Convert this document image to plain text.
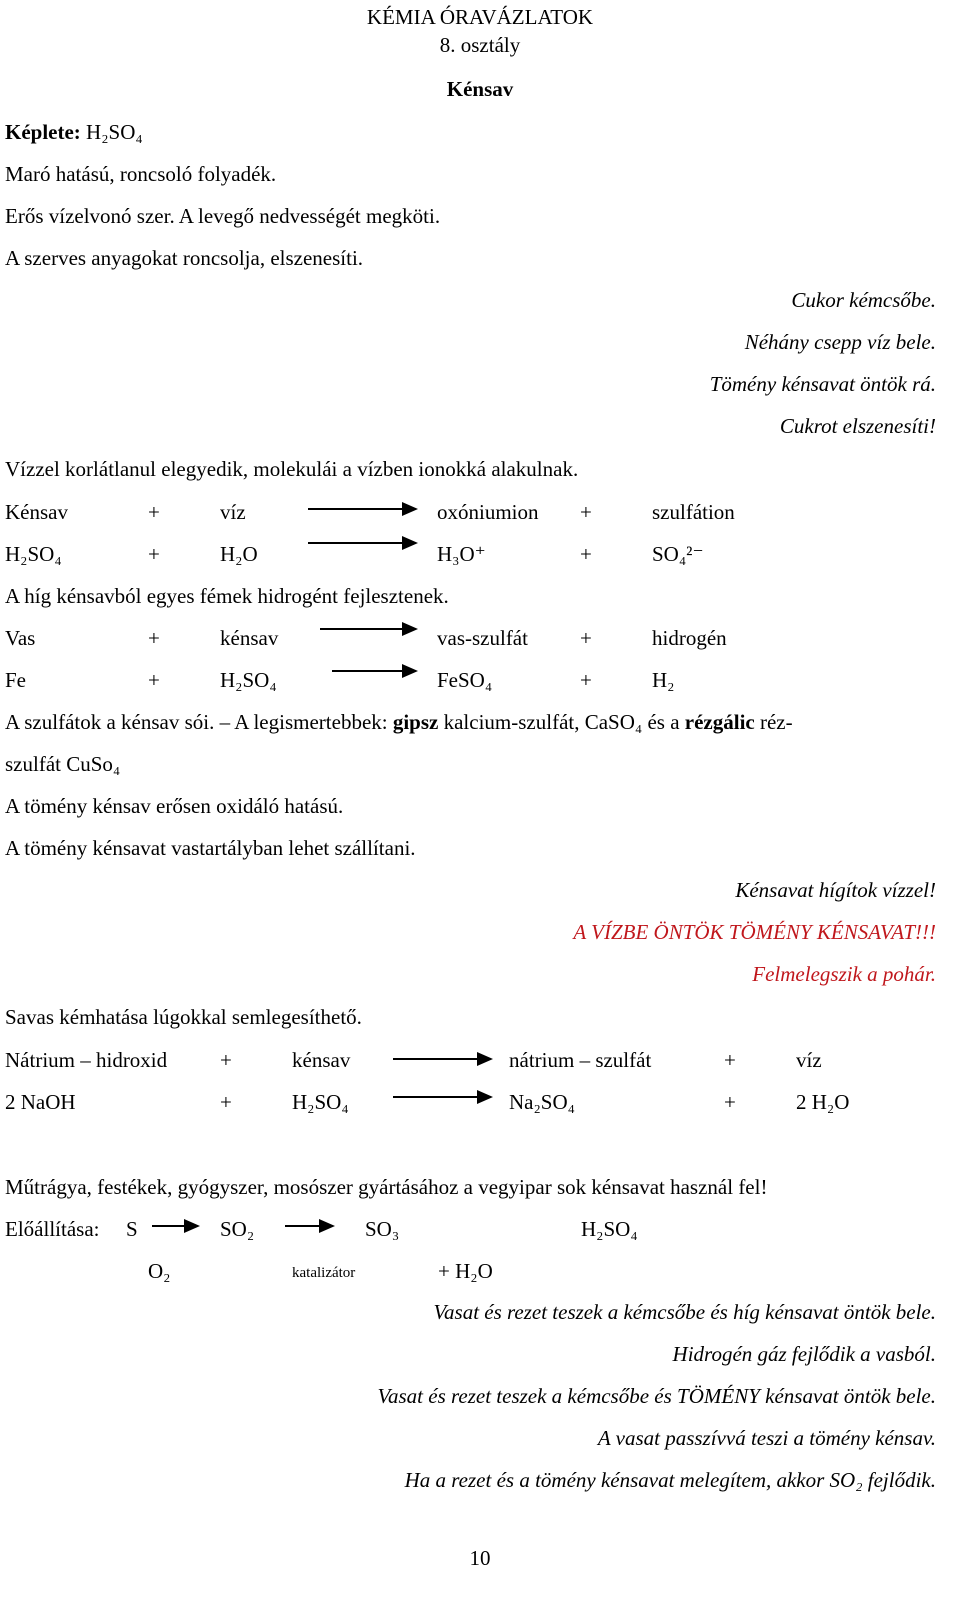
KÉMIA ÓRAVÁZLATOK
8. osztály
Kénsav
Képlete: H₂SO₄
Maró hatású, roncsoló folyadék.
Erős vízelvonó szer. A levegő nedvességét megköti.
A szerves anyagokat roncsolja, elszenesíti.
Cukor kémcsőbe.
Néhány csepp víz bele.
Tömény kénsavat öntök rá.
Cukrot elszenesíti!
Vízzel korlátlanul elegyedik, molekulái a vízben ionokká alakulnak.
Kénsav	+	víz	oxóniumion +	szulfátion
H₂SO₄	+	H₂O	H₃O⁺	+	SO₄²⁻
A híg kénsavból egyes fémek hidrogént fejlesztenek.
Vas	+	kénsav	vas-szulfát +	hidrogén
Fe	+	H₂SO₄	FeSO₄	+	H₂
A szulfátok a kénsav sói. – A legismertebbek: gipsz kalcium-szulfát, CaSO₄ és a rézgálic réz-
szulfát CuSo₄
A tömény kénsav erősen oxidáló hatású.
A tömény kénsavat vastartályban lehet szállítani.
Kénsavat hígítok vízzel!
A VÍZBE ÖNTÖK TÖMÉNY KÉNSAVAT!!!
Felmelegszik a pohár.
Savas kémhatása lúgokkal semlegesíthető.
Nátrium – hidroxid	+	kénsav	nátrium – szulfát	+	víz
2 NaOH	+	H₂SO₄	Na₂SO₄	+	2 H₂O
Műtrágya, festékek, gyógyszer, mosószer gyártásához a vegyipar sok kénsavat használ fel!
Előállítása: S	SO₂	SO₃	H₂SO₄
O₂	katalizátor	+ H₂O
Vasat és rezet teszek a kémcsőbe és híg kénsavat öntök bele.
Hidrogén gáz fejlődik a vasból.
Vasat és rezet teszek a kémcsőbe és TÖMÉNY kénsavat öntök bele.
A vasat passzívvá teszi a tömény kénsav.
Ha a rezet és a tömény kénsavat melegítem, akkor SO₂ fejlődik.
10
